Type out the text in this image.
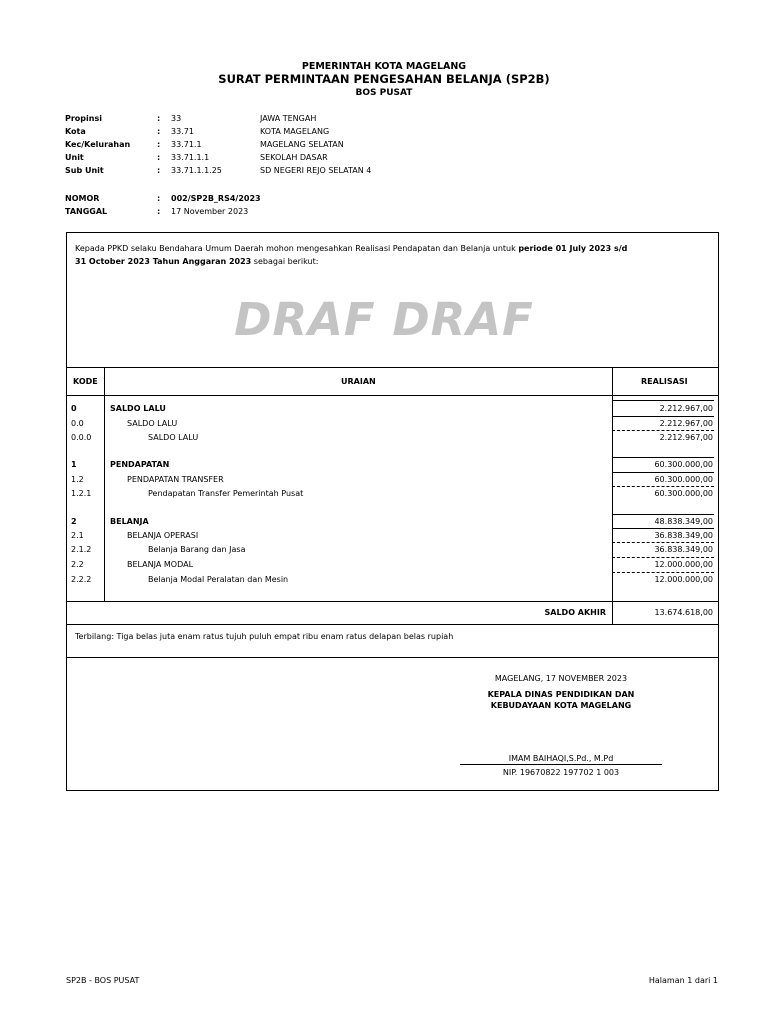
PEMERINTAH KOTA MAGELANG
SURAT PERMINTAAN PENGESAHAN BELANJA (SP2B)
BOS PUSAT
Propinsi	: 33	JAWA TENGAH
Kota	: 33.71	KOTA MAGELANG
Kec/Kelurahan	: 33.71.1	MAGELANG SELATAN
Unit	: 33.71.1.1	SEKOLAH DASAR
Sub Unit	: 33.71.1.1.25	SD NEGERI REJO SELATAN 4
NOMOR	: 002/SP2B_RS4/2023
TANGGAL	: 17 November 2023
Kepada PPKD selaku Bendahara Umum Daerah mohon mengesahkan Realisasi Pendapatan dan Belanja untuk periode 01 July 2023 s/d 31 October 2023 Tahun Anggaran 2023 sebagai berikut:
DRAF DRAF
KODE	URAIAN	REALISASI
0	SALDO LALU	2.212.967,00
0.0	SALDO LALU	2.212.967,00
0.0.0	SALDO LALU	2.212.967,00
1	PENDAPATAN	60.300.000,00
1.2	PENDAPATAN TRANSFER	60.300.000,00
1.2.1	Pendapatan Transfer Pemerintah Pusat	60.300.000,00
2	BELANJA	48.838.349,00
2.1	BELANJA OPERASI	36.838.349,00
2.1.2	Belanja Barang dan Jasa	36.838.349,00
2.2	BELANJA MODAL	12.000.000,00
2.2.2	Belanja Modal Peralatan dan Mesin	12.000.000,00
SALDO AKHIR	13.674.618,00
Terbilang: Tiga belas juta enam ratus tujuh puluh empat ribu enam ratus delapan belas rupiah
MAGELANG, 17 NOVEMBER 2023
KEPALA DINAS PENDIDIKAN DAN
KEBUDAYAAN KOTA MAGELANG
IMAM BAIHAQI,S.Pd., M.Pd
NIP. 19670822 197702 1 003
SP2B - BOS PUSAT	Halaman 1 dari 1
